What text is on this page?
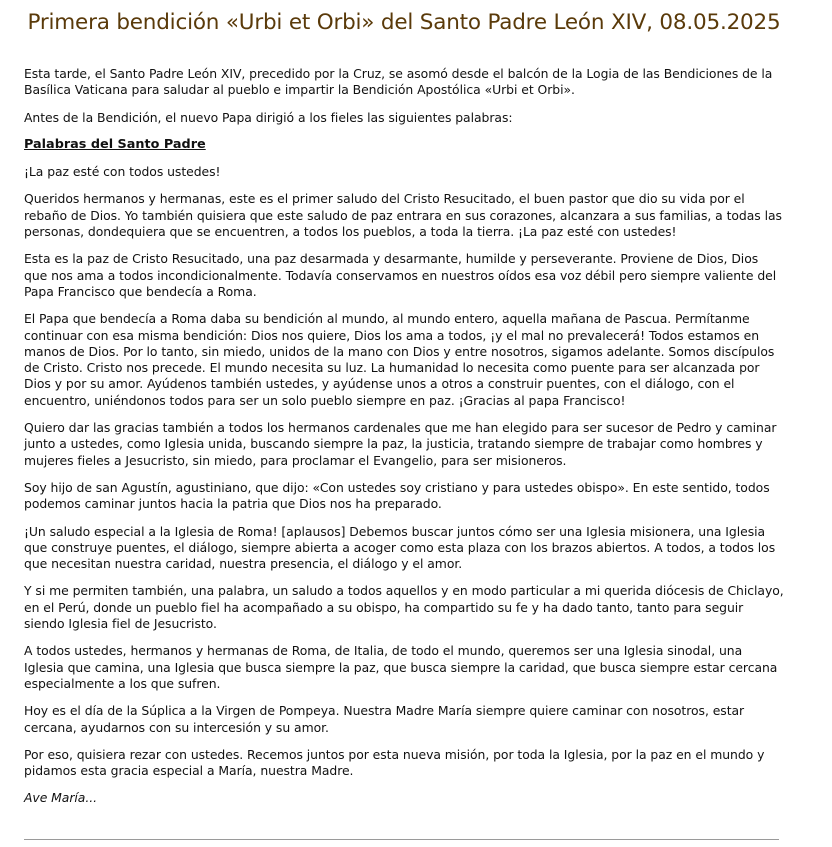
Primera bendición «Urbi et Orbi» del Santo Padre León XIV, 08.05.2025

Esta tarde, el Santo Padre León XIV, precedido por la Cruz, se asomó desde el balcón de la Logia de las Bendiciones de la Basílica Vaticana para saludar al pueblo e impartir la Bendición Apostólica «Urbi et Orbi».

Antes de la Bendición, el nuevo Papa dirigió a los fieles las siguientes palabras:

Palabras del Santo Padre

¡La paz esté con todos ustedes!

Queridos hermanos y hermanas, este es el primer saludo del Cristo Resucitado, el buen pastor que dio su vida por el rebaño de Dios. Yo también quisiera que este saludo de paz entrara en sus corazones, alcanzara a sus familias, a todas las personas, dondequiera que se encuentren, a todos los pueblos, a toda la tierra. ¡La paz esté con ustedes!

Esta es la paz de Cristo Resucitado, una paz desarmada y desarmante, humilde y perseverante. Proviene de Dios, Dios que nos ama a todos incondicionalmente. Todavía conservamos en nuestros oídos esa voz débil pero siempre valiente del Papa Francisco que bendecía a Roma.

El Papa que bendecía a Roma daba su bendición al mundo, al mundo entero, aquella mañana de Pascua. Permítanme continuar con esa misma bendición: Dios nos quiere, Dios los ama a todos, ¡y el mal no prevalecerá! Todos estamos en manos de Dios. Por lo tanto, sin miedo, unidos de la mano con Dios y entre nosotros, sigamos adelante. Somos discípulos de Cristo. Cristo nos precede. El mundo necesita su luz. La humanidad lo necesita como puente para ser alcanzada por Dios y por su amor. Ayúdenos también ustedes, y ayúdense unos a otros a construir puentes, con el diálogo, con el encuentro, uniéndonos todos para ser un solo pueblo siempre en paz. ¡Gracias al papa Francisco!

Quiero dar las gracias también a todos los hermanos cardenales que me han elegido para ser sucesor de Pedro y caminar junto a ustedes, como Iglesia unida, buscando siempre la paz, la justicia, tratando siempre de trabajar como hombres y mujeres fieles a Jesucristo, sin miedo, para proclamar el Evangelio, para ser misioneros.

Soy hijo de san Agustín, agustiniano, que dijo: «Con ustedes soy cristiano y para ustedes obispo». En este sentido, todos podemos caminar juntos hacia la patria que Dios nos ha preparado.

¡Un saludo especial a la Iglesia de Roma! [aplausos] Debemos buscar juntos cómo ser una Iglesia misionera, una Iglesia que construye puentes, el diálogo, siempre abierta a acoger como esta plaza con los brazos abiertos. A todos, a todos los que necesitan nuestra caridad, nuestra presencia, el diálogo y el amor.

Y si me permiten también, una palabra, un saludo a todos aquellos y en modo particular a mi querida diócesis de Chiclayo, en el Perú, donde un pueblo fiel ha acompañado a su obispo, ha compartido su fe y ha dado tanto, tanto para seguir siendo Iglesia fiel de Jesucristo.

A todos ustedes, hermanos y hermanas de Roma, de Italia, de todo el mundo, queremos ser una Iglesia sinodal, una Iglesia que camina, una Iglesia que busca siempre la paz, que busca siempre la caridad, que busca siempre estar cercana especialmente a los que sufren.

Hoy es el día de la Súplica a la Virgen de Pompeya. Nuestra Madre María siempre quiere caminar con nosotros, estar cercana, ayudarnos con su intercesión y su amor.

Por eso, quisiera rezar con ustedes. Recemos juntos por esta nueva misión, por toda la Iglesia, por la paz en el mundo y pidamos esta gracia especial a María, nuestra Madre.

Ave María...
